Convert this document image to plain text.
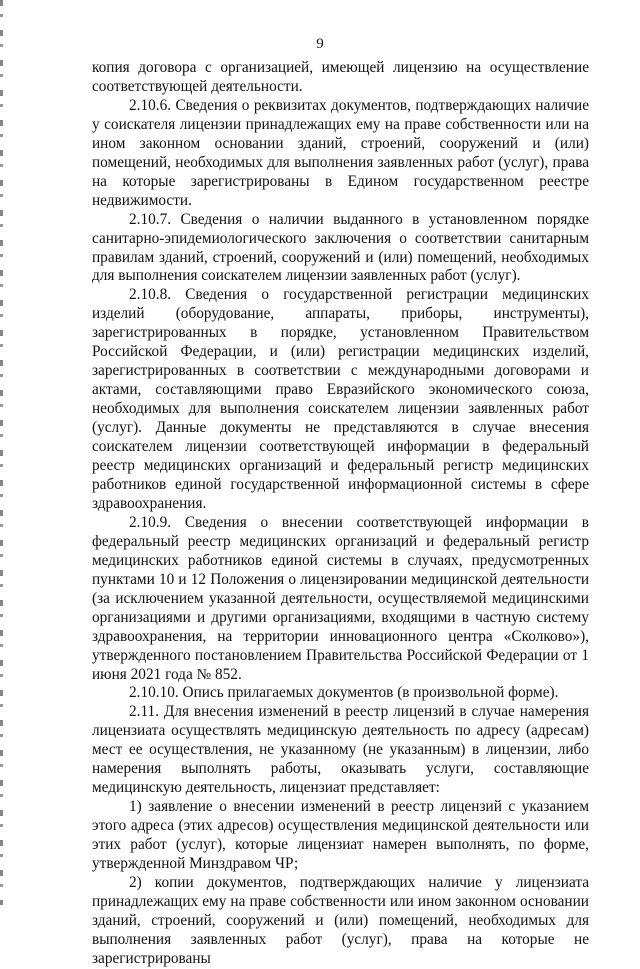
9

копия договора с организацией, имеющей лицензию на осуществление соответствующей деятельности.

2.10.6. Сведения о реквизитах документов, подтверждающих наличие у соискателя лицензии принадлежащих ему на праве собственности или на ином законном основании зданий, строений, сооружений и (или) помещений, необходимых для выполнения заявленных работ (услуг), права на которые зарегистрированы в Едином государственном реестре недвижимости.

2.10.7. Сведения о наличии выданного в установленном порядке санитарно-эпидемиологического заключения о соответствии санитарным правилам зданий, строений, сооружений и (или) помещений, необходимых для выполнения соискателем лицензии заявленных работ (услуг).

2.10.8. Сведения о государственной регистрации медицинских изделий (оборудование, аппараты, приборы, инструменты), зарегистрированных в порядке, установленном Правительством Российской Федерации, и (или) регистрации медицинских изделий, зарегистрированных в соответствии с международными договорами и актами, составляющими право Евразийского экономического союза, необходимых для выполнения соискателем лицензии заявленных работ (услуг). Данные документы не представляются в случае внесения соискателем лицензии соответствующей информации в федеральный реестр медицинских организаций и федеральный регистр медицинских работников единой государственной информационной системы в сфере здравоохранения.

2.10.9. Сведения о внесении соответствующей информации в федеральный реестр медицинских организаций и федеральный регистр медицинских работников единой системы в случаях, предусмотренных пунктами 10 и 12 Положения о лицензировании медицинской деятельности (за исключением указанной деятельности, осуществляемой медицинскими организациями и другими организациями, входящими в частную систему здравоохранения, на территории инновационного центра «Сколково»), утвержденного постановлением Правительства Российской Федерации от 1 июня 2021 года № 852.

2.10.10. Опись прилагаемых документов (в произвольной форме).

2.11. Для внесения изменений в реестр лицензий в случае намерения лицензиата осуществлять медицинскую деятельность по адресу (адресам) мест ее осуществления, не указанному (не указанным) в лицензии, либо намерения выполнять работы, оказывать услуги, составляющие медицинскую деятельность, лицензиат представляет:

1) заявление о внесении изменений в реестр лицензий с указанием этого адреса (этих адресов) осуществления медицинской деятельности или этих работ (услуг), которые лицензиат намерен выполнять, по форме, утвержденной Минздравом ЧР;

2) копии документов, подтверждающих наличие у лицензиата принадлежащих ему на праве собственности или ином законном основании зданий, строений, сооружений и (или) помещений, необходимых для выполнения заявленных работ (услуг), права на которые не зарегистрированы
